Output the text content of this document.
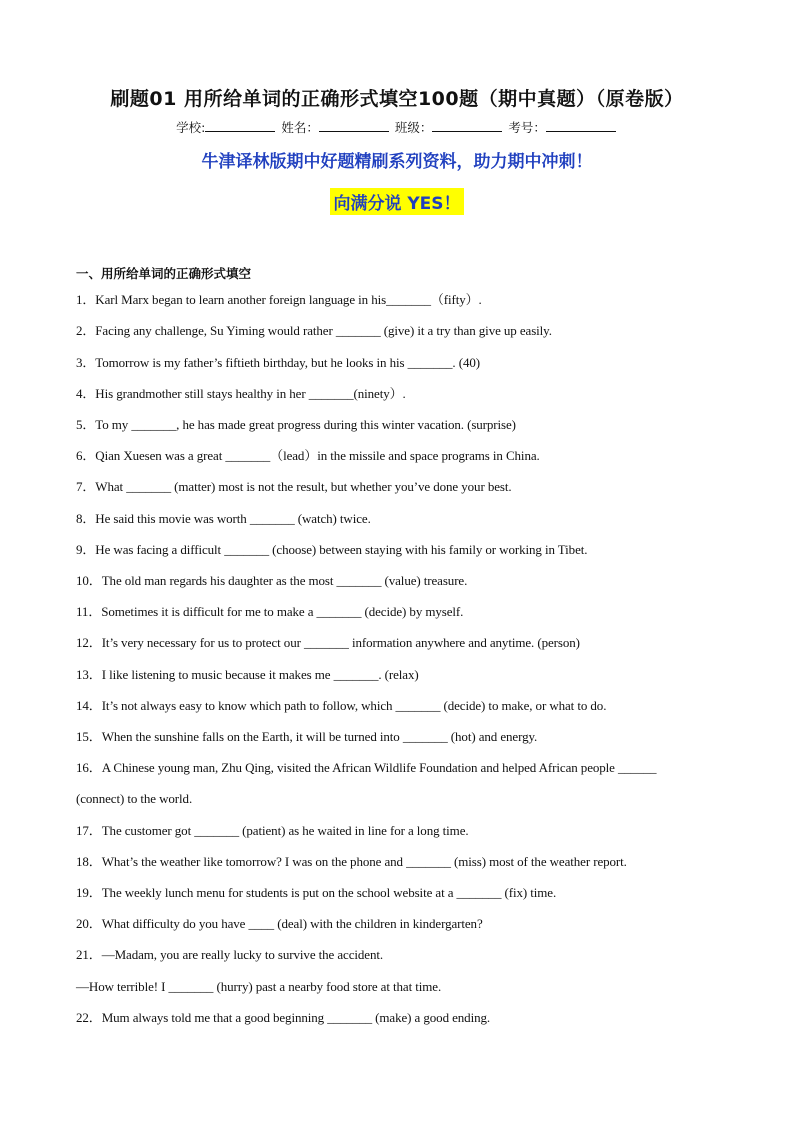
刷题01 用所给单词的正确形式填空100题（期中真题）（原卷版）
学校:	姓名：	班级：	考号：
牛津译林版期中好题精刷系列资料，助力期中冲刺！
向满分说 YES！
一、用所给单词的正确形式填空
1．Karl Marx began to learn another foreign language in his_______（fifty）.
2．Facing any challenge, Su Yiming would rather _______ (give) it a try than give up easily.
3．Tomorrow is my father’s fiftieth birthday, but he looks in his _______. (40)
4．His grandmother still stays healthy in her _______(ninety）.
5．To my _______, he has made great progress during this winter vacation. (surprise)
6．Qian Xuesen was a great _______（lead）in the missile and space programs in China.
7．What _______ (matter) most is not the result, but whether you’ve done your best.
8．He said this movie was worth _______ (watch) twice.
9．He was facing a difficult _______ (choose) between staying with his family or working in Tibet.
10．The old man regards his daughter as the most _______ (value) treasure.
11．Sometimes it is difficult for me to make a _______ (decide) by myself.
12．It’s very necessary for us to protect our _______ information anywhere and anytime. (person)
13．I like listening to music because it makes me _______. (relax)
14．It’s not always easy to know which path to follow, which _______ (decide) to make, or what to do.
15．When the sunshine falls on the Earth, it will be turned into _______ (hot) and energy.
16．A Chinese young man, Zhu Qing, visited the African Wildlife Foundation and helped African people ______
(connect) to the world.
17．The customer got _______ (patient) as he waited in line for a long time.
18．What’s the weather like tomorrow? I was on the phone and _______ (miss) most of the weather report.
19．The weekly lunch menu for students is put on the school website at a _______ (fix) time.
20．What difficulty do you have ____ (deal) with the children in kindergarten?
21．—Madam, you are really lucky to survive the accident.
—How terrible! I _______ (hurry) past a nearby food store at that time.
22．Mum always told me that a good beginning _______ (make) a good ending.
